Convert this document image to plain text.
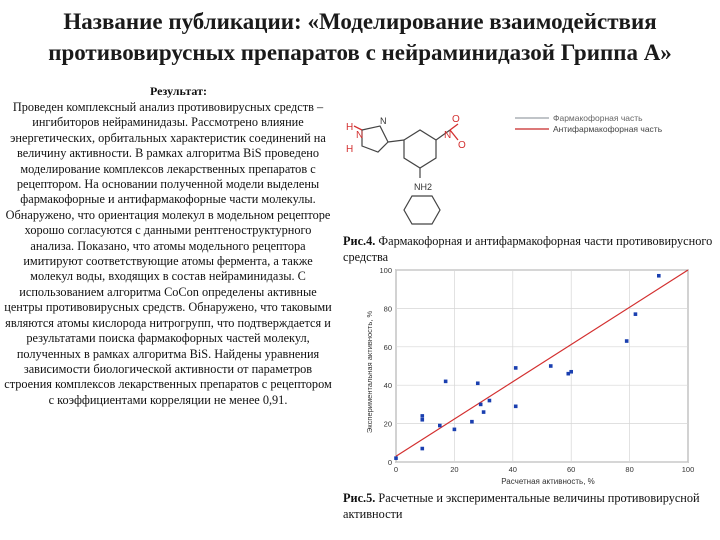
Название публикации: «Моделирование взаимодействия
противовирусных препаратов с нейраминидазой Гриппа А»
Результат:
Проведен комплексный анализ противовирусных средств – ингибиторов нейраминидазы. Рассмотрено влияние энергетических, орбитальных характеристик соединений на величину активности. В рамках алгоритма BiS проведено моделирование комплексов лекарственных препаратов с рецептором. На основании полученной модели выделены фармакофорные и антифармакофорные части молекулы. Обнаружено, что ориентация молекул в модельном рецепторе хорошо согласуются с данными рентгеноструктурного анализа. Показано, что атомы модельного рецептора имитируют соответствующие атомы фермента, а также молекул воды, входящих в состав нейраминидазы. С использованием алгоритма CoCon определены активные центры противовирусных средств. Обнаружено, что таковыми являются атомы кислорода нитрогрупп, что подтверждается и результатами поиска фармакофорных частей молекул, полученных в рамках алгоритма BiS. Найдены уравнения зависимости биологической активности от параметров строения комплексов лекарственных препаратов с рецептором с коэффициентами корреляции не менее 0,91.
H
N
H
N	O
N
O
NH2
Фармакофорная часть
Антифармакофорная часть
Рис.4. Фармакофорная и антифармакофорная части противовирусного средства
0	20	40	60	80	100
0
20
40
60
80
100
Расчетная активность, %
Экспериментальная активность, %
Рис.5. Расчетные и экспериментальные величины противовирусной активности
